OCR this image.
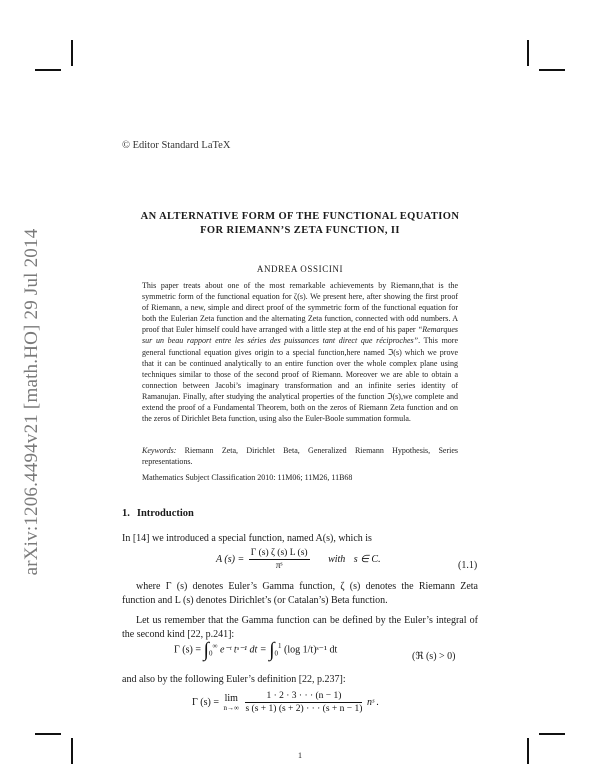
arXiv:1206.4494v21 [math.HO] 29 Jul 2014
© Editor Standard LaTeX
AN ALTERNATIVE FORM OF THE FUNCTIONAL EQUATION
FOR RIEMANN’S ZETA FUNCTION, II
ANDREA OSSICINI
This paper treats about one of the most remarkable achievements by Riemann,that is the symmetric form of the functional equation for ζ(s). We present here, after showing the first proof of Riemann, a new, simple and direct proof of the symmetric form of the functional equation for both the Eulerian Zeta function and the alternating Zeta function, connected with odd numbers. A proof that Euler himself could have arranged with a little step at the end of his paper “Remarques sur un beau rapport entre les séries des puissances tant direct que réciproches”. This more general functional equation gives origin to a special function,here named ℑ(s) which we prove that it can be continued analytically to an entire function over the whole complex plane using techniques similar to those of the second proof of Riemann. Moreover we are able to obtain a connection between Jacobi’s imaginary transformation and an infinite series identity of Ramanujan. Finally, after studying the analytical properties of the function ℑ(s),we complete and extend the proof of a Fundamental Theorem, both on the zeros of Riemann Zeta function and on the zeros of Dirichlet Beta function, using also the Euler-Boole summation formula.
Keywords: Riemann Zeta, Dirichlet Beta, Generalized Riemann Hypothesis, Series representations.
Mathematics Subject Classification 2010: 11M06; 11M26, 11B68
1. Introduction
In [14] we introduced a special function, named A(s), which is
A $(s) = \frac{\Gamma (s) \zeta (s) L (s)}{\text{πˢ}}$ with s ∈ C.
(1.1)
where Γ (s) denotes Euler’s Gamma function, ζ (s) denotes the Riemann Zeta function and L (s) denotes Dirichlet’s (or Catalan’s) Beta function.
Let us remember that the Gamma function can be defined by the Euler’s integral of the second kind [22, p.241]:
Γ $(s) = \int_0^\infty$ e⁻ᵗ tˢ⁻¹ dt = $\int_0^1$ (log 1/t)ˢ⁻¹ dt
(ℜ (s) > 0)
and also by the following Euler’s definition [22, p.237]:
Γ (s) = lim
n→∞
$\frac{1 \cdot 2 \cdot 3 \cdot \cdot \cdot (n - 1)}{s (s + 1) (s + 2) \cdot \cdot \cdot (s + n - 1)}$ nˢ .
1
